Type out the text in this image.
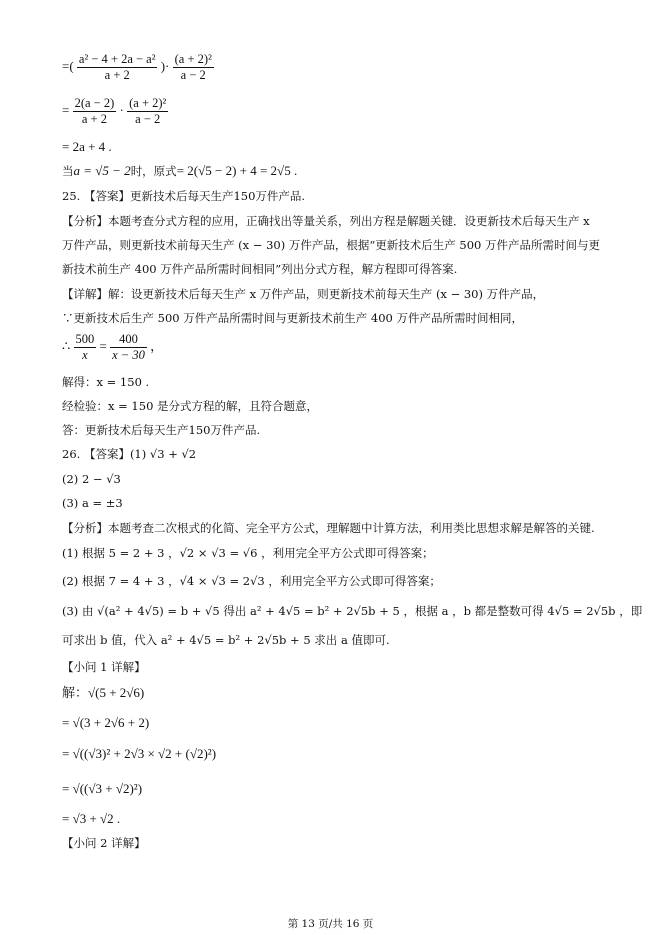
=( $\frac{\text{a² − 4 + 2a − a²}}{a + 2}$ )· $\frac{\text{(a + 2)²}}{a - 2}$
= $\frac{2(a - 2)}{a + 2} \cdot \frac{\text{(a + 2)²}}{a - 2}$
= 2a + 4 .
当a = √5 − 2时，原式= 2(√5 − 2) + 4 = 2√5 .
25. 【答案】更新技术后每天生产150万件产品.
【分析】本题考查分式方程的应用，正确找出等量关系，列出方程是解题关键．设更新技术后每天生产 x
万件产品，则更新技术前每天生产 (x − 30) 万件产品，根据“更新技术后生产 500 万件产品所需时间与更
新技术前生产 400 万件产品所需时间相同”列出分式方程，解方程即可得答案.
【详解】解：设更新技术后每天生产 x 万件产品，则更新技术前每天生产 (x − 30) 万件产品，
∵更新技术后生产 500 万件产品所需时间与更新技术前生产 400 万件产品所需时间相同，
∴ $\frac{500}{x} = \frac{400}{x - 30}$ ，
解得：x = 150 .
经检验：x = 150 是分式方程的解，且符合题意，
答：更新技术后每天生产150万件产品.
26. 【答案】(1) √3 + √2
(2) 2 − √3
(3) a = ±3
【分析】本题考查二次根式的化简、完全平方公式，理解题中计算方法，利用类比思想求解是解答的关键.
(1) 根据 5 = 2 + 3 ，√2 × √3 = √6 ，利用完全平方公式即可得答案；
(2) 根据 7 = 4 + 3 ，√4 × √3 = 2√3 ，利用完全平方公式即可得答案；
(3) 由 √(a² + 4√5) = b + √5 得出 a² + 4√5 = b² + 2√5b + 5 ，根据 a ，b 都是整数可得 4√5 = 2√5b ，即
可求出 b 值，代入 a² + 4√5 = b² + 2√5b + 5 求出 a 值即可.
【小问 1 详解】
解：√(5 + 2√6)
= √(3 + 2√6 + 2)
= √((√3)² + 2√3 × √2 + (√2)²)
= √((√3 + √2)²)
= √3 + √2 .
【小问 2 详解】
第 13 页/共 16 页
